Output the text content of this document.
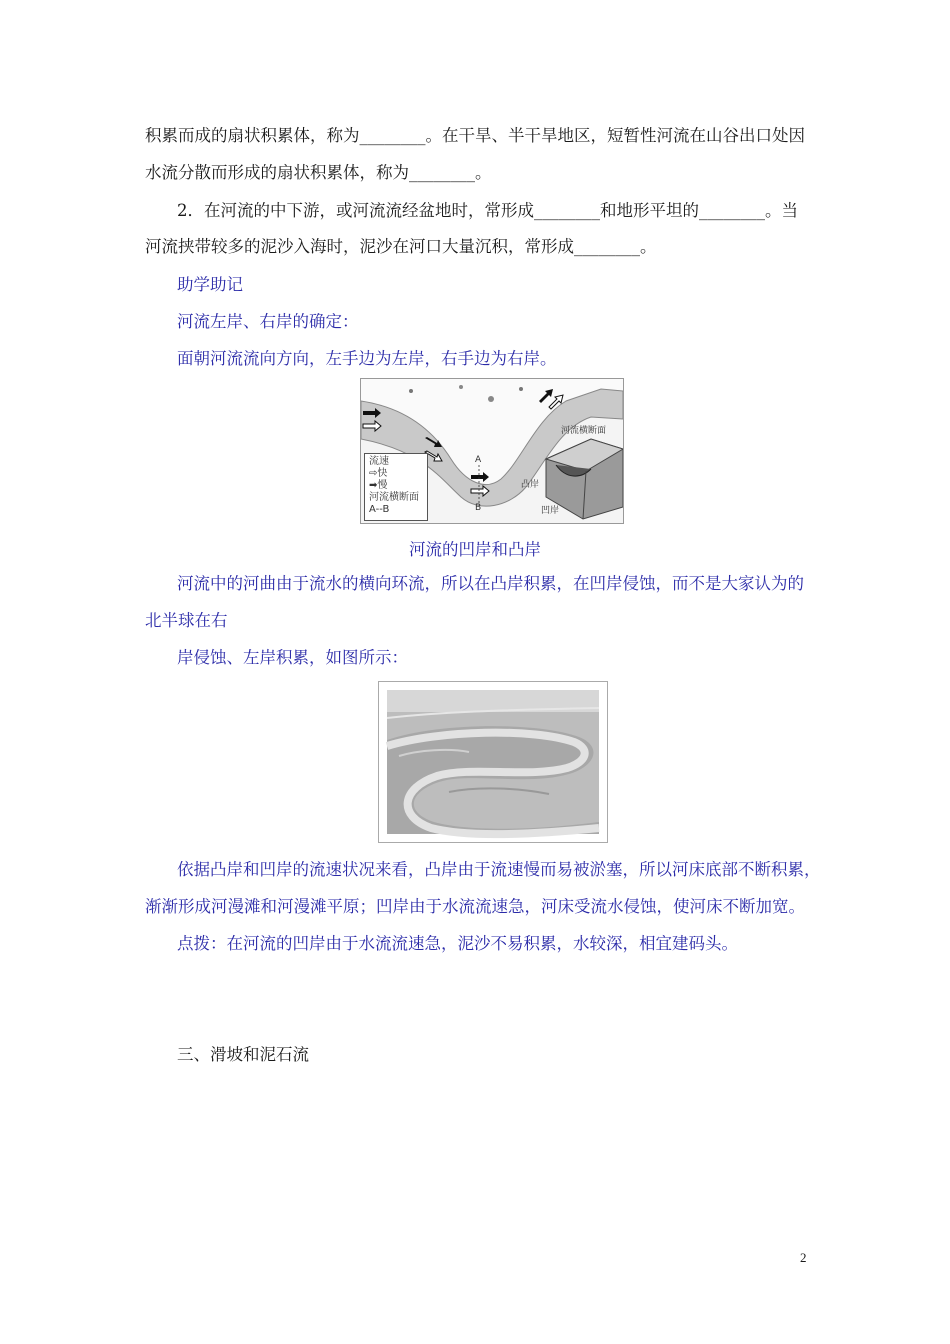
积累而成的扇状积累体，称为________。在干旱、半干旱地区，短暂性河流在山谷出口处因
水流分散而形成的扇状积累体，称为________。
2．在河流的中下游，或河流流经盆地时，常形成________和地形平坦的________。当
河流挟带较多的泥沙入海时，泥沙在河口大量沉积，常形成________。
助学助记
河流左岸、右岸的确定：
面朝河流流向方向，左手边为左岸，右手边为右岸。
流速
⇨快
➡慢
河流横断面
A--B
A
B
河流横断面
凸岸
凹岸
河流的凹岸和凸岸
河流中的河曲由于流水的横向环流，所以在凸岸积累，在凹岸侵蚀，而不是大家认为的
北半球在右
岸侵蚀、左岸积累，如图所示：
依据凸岸和凹岸的流速状况来看，凸岸由于流速慢而易被淤塞，所以河床底部不断积累，
渐渐形成河漫滩和河漫滩平原；凹岸由于水流流速急，河床受流水侵蚀，使河床不断加宽。
点拨：在河流的凹岸由于水流流速急，泥沙不易积累，水较深，相宜建码头。
三、滑坡和泥石流
2
